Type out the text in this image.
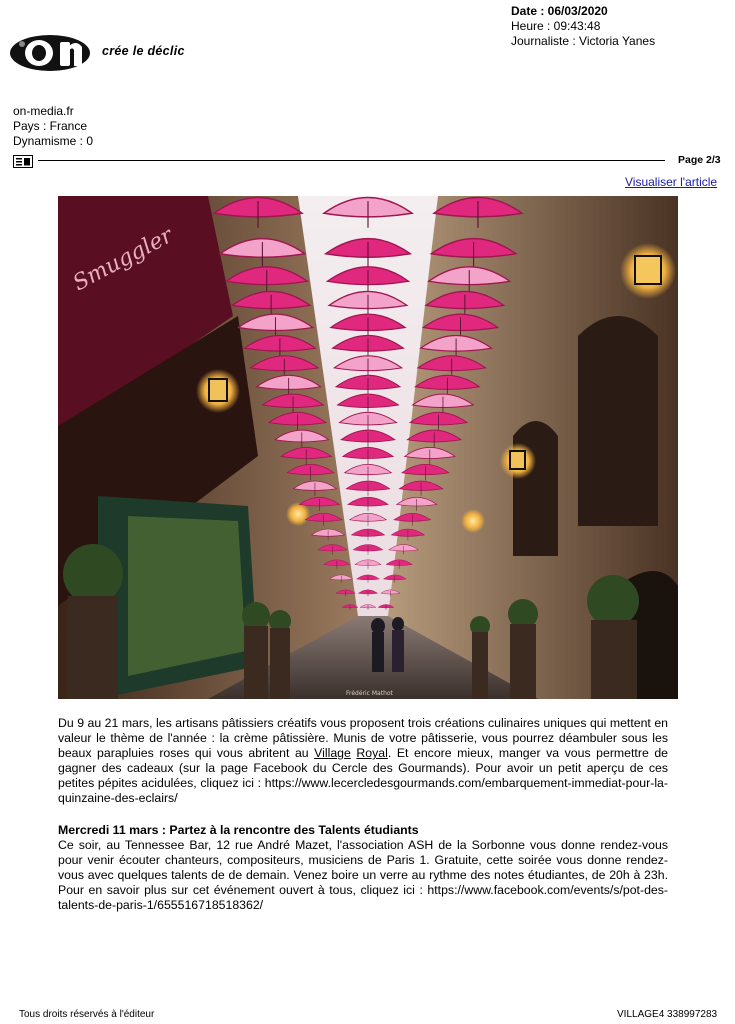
Date : 06/03/2020
Heure : 09:43:48
Journaliste : Victoria Yanes
crée le déclic
on-media.fr
Pays : France
Dynamisme : 0
Page 2/3
Visualiser l'article
Smuggler
Frédéric Mathot

Du 9 au 21 mars, les artisans pâtissiers créatifs vous proposent trois créations culinaires uniques qui mettent en valeur le thème de l'année : la crème pâtissière. Munis de votre pâtisserie, vous pourrez déambuler sous les beaux parapluies roses qui vous abritent au Village Royal. Et encore mieux, manger va vous permettre de gagner des cadeaux (sur la page Facebook du Cercle des Gourmands). Pour avoir un petit aperçu de ces petites pépites acidulées, cliquez ici : https://www.lecercledesgourmands.com/embarquement-immediat-pour-la-quinzaine-des-eclairs/

Mercredi 11 mars : Partez à la rencontre des Talents étudiants

Ce soir, au Tennessee Bar, 12 rue André Mazet, l'association ASH de la Sorbonne vous donne rendez-vous pour venir écouter chanteurs, compositeurs, musiciens de Paris 1. Gratuite, cette soirée vous donne rendez-vous avec quelques talents de de demain. Venez boire un verre au rythme des notes étudiantes, de 20h à 23h. Pour en savoir plus sur cet événement ouvert à tous, cliquez ici : https://www.facebook.com/events/s/pot-des-talents-de-paris-1/655516718518362/

Tous droits réservés à l'éditeur	VILLAGE4 338997283
